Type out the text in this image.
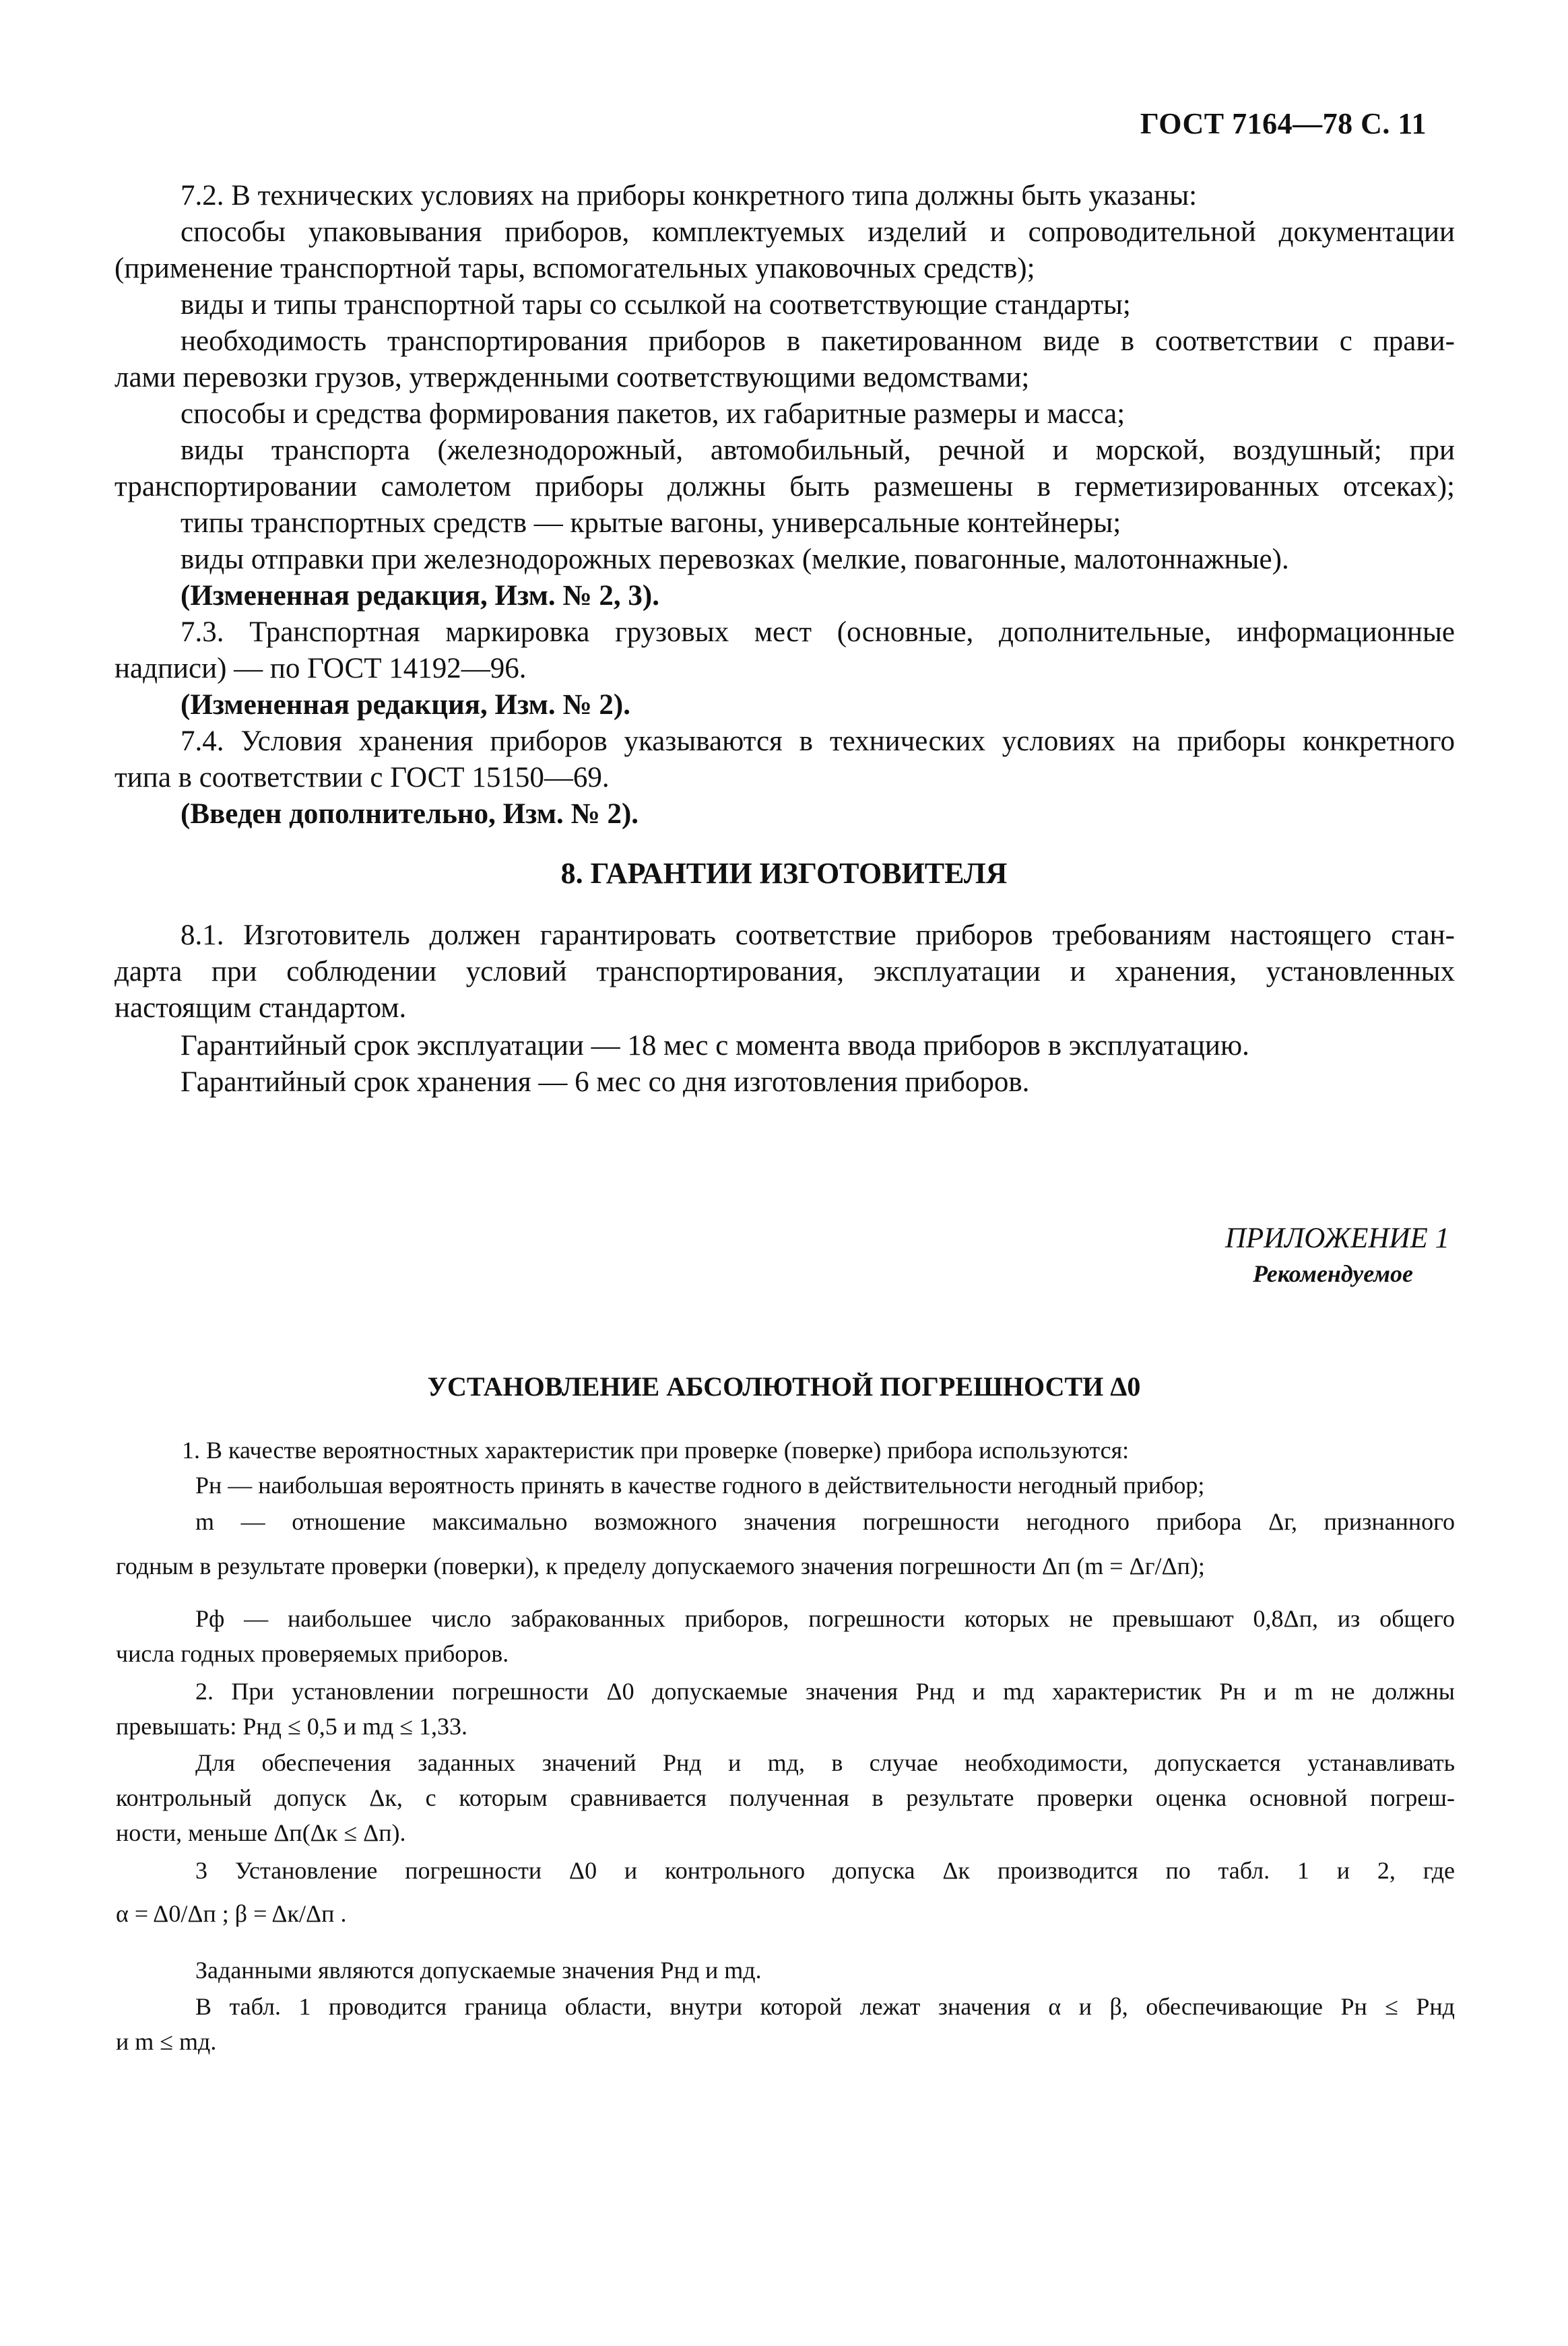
ГОСТ 7164—78 С. 11
7.2. В технических условиях на приборы конкретного типа должны быть указаны:
способы упаковывания приборов, комплектуемых изделий и сопроводительной документации
(применение транспортной тары, вспомогательных упаковочных средств);
виды и типы транспортной тары со ссылкой на соответствующие стандарты;
необходимость транспортирования приборов в пакетированном виде в соответствии с прави-
лами перевозки грузов, утвержденными соответствующими ведомствами;
способы и средства формирования пакетов, их габаритные размеры и масса;
виды транспорта (железнодорожный, автомобильный, речной и морской, воздушный; при
транспортировании самолетом приборы должны быть размешены в герметизированных отсеках);
типы транспортных средств — крытые вагоны, универсальные контейнеры;
виды отправки при железнодорожных перевозках (мелкие, повагонные, малотоннажные).
(Измененная редакция, Изм. № 2, 3).
7.3. Транспортная маркировка грузовых мест (основные, дополнительные, информационные
надписи) — по ГОСТ 14192—96.
(Измененная редакция, Изм. № 2).
7.4. Условия хранения приборов указываются в технических условиях на приборы конкретного
типа в соответствии с ГОСТ 15150—69.
(Введен дополнительно, Изм. № 2).
8. ГАРАНТИИ ИЗГОТОВИТЕЛЯ
8.1. Изготовитель должен гарантировать соответствие приборов требованиям настоящего стан-
дарта при соблюдении условий транспортирования, эксплуатации и хранения, установленных
настоящим стандартом.
Гарантийный срок эксплуатации — 18 мес с момента ввода приборов в эксплуатацию.
Гарантийный срок хранения — 6 мес со дня изготовления приборов.
ПРИЛОЖЕНИЕ 1
Рекомендуемое
УСТАНОВЛЕНИЕ АБСОЛЮТНОЙ ПОГРЕШНОСТИ Δ0
1. В качестве вероятностных характеристик при проверке (поверке) прибора используются:
Pн — наибольшая вероятность принять в качестве годного в действительности негодный прибор;
m — отношение максимально возможного значения погрешности негодного прибора Δг, признанного
годным в результате проверки (поверки), к пределу допускаемого значения погрешности Δп (m = Δг/Δп);
Pф — наибольшее число забракованных приборов, погрешности которых не превышают 0,8Δп, из общего
числа годных проверяемых приборов.
2. При установлении погрешности Δ0 допускаемые значения Pнд и mд характеристик Pн и m не должны
превышать: Pнд ≤ 0,5 и mд ≤ 1,33.
Для обеспечения заданных значений Pнд и mд, в случае необходимости, допускается устанавливать
контрольный допуск Δк, с которым сравнивается полученная в результате проверки оценка основной погреш-
ности, меньше Δп(Δк ≤ Δп).
3 Установление погрешности Δ0 и контрольного допуска Δк производится по табл. 1 и 2, где
α = Δ0/Δп ; β = Δк/Δп .
Заданными являются допускаемые значения Pнд и mд.
В табл. 1 проводится граница области, внутри которой лежат значения α и β, обеспечивающие Pн ≤ Pнд
и m ≤ mд.
